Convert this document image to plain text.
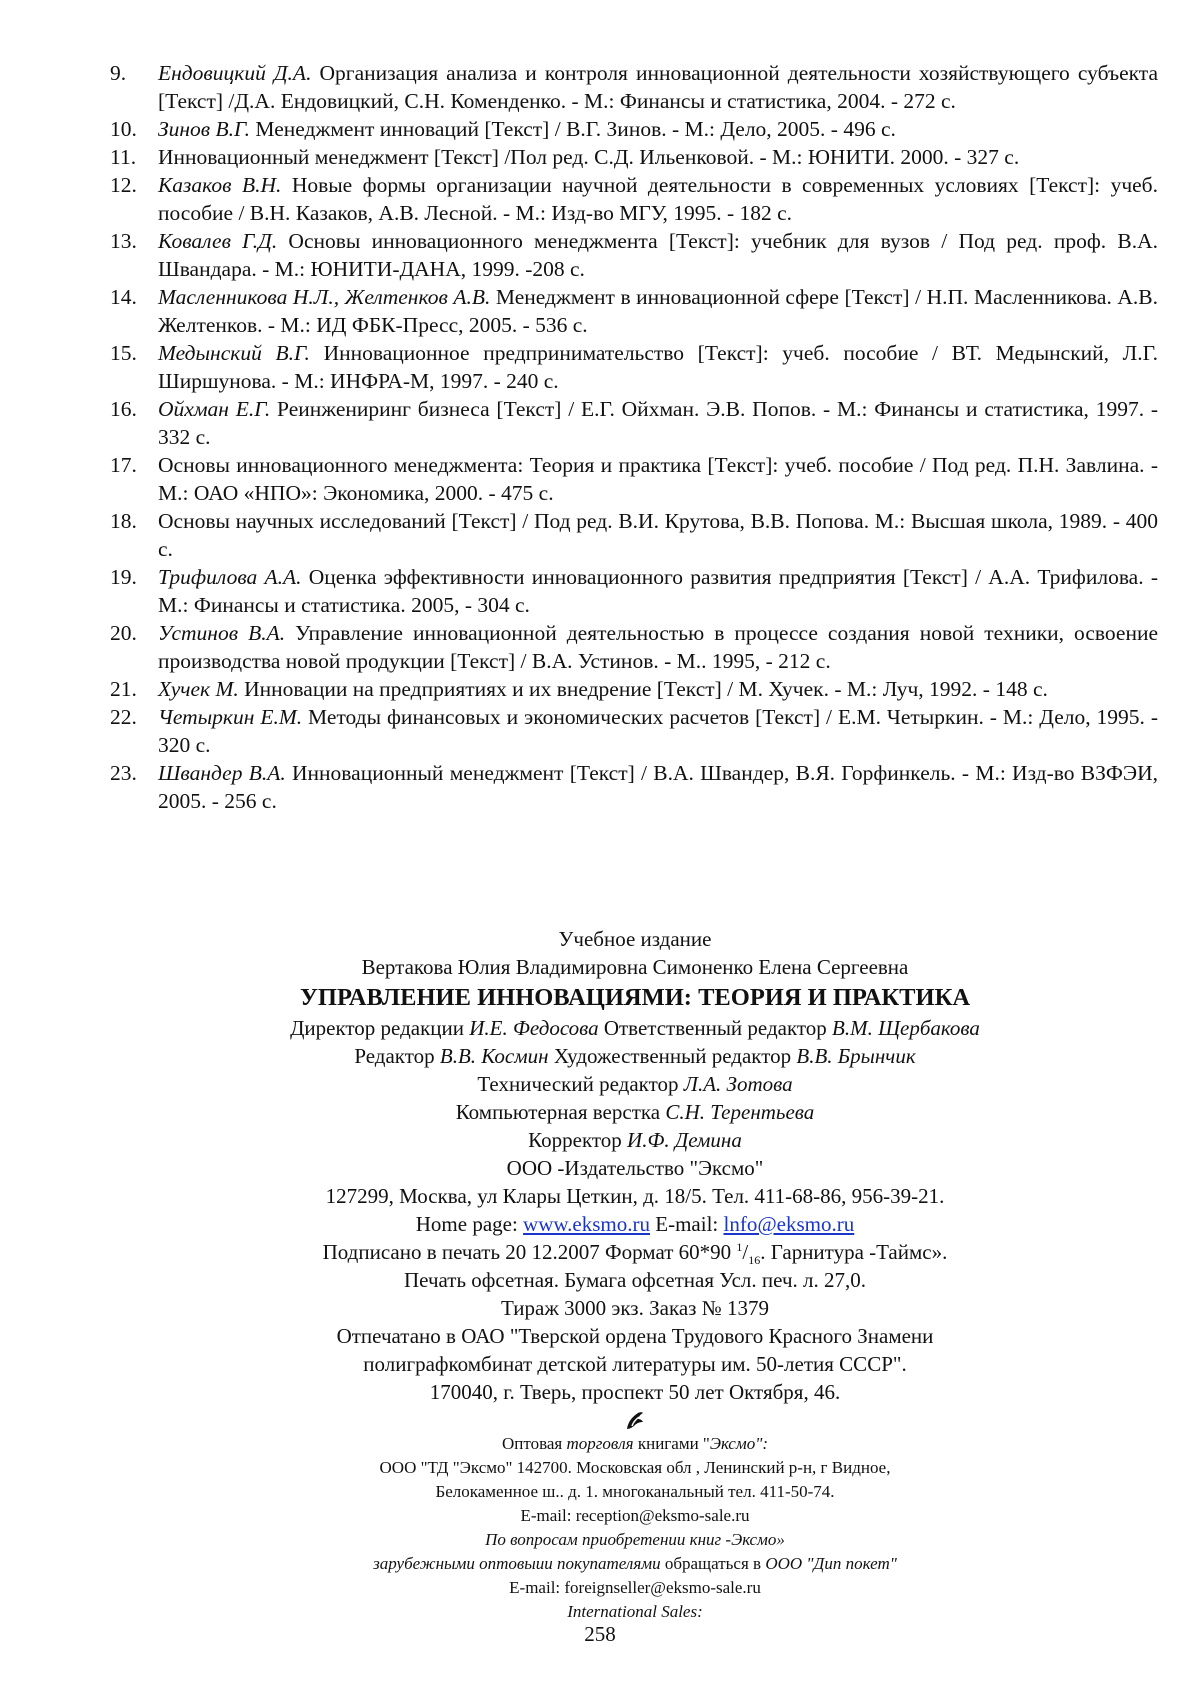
9.	Ендовицкий Д.А. Организация анализа и контроля инновационной деятельности хозяйствующего субъекта [Текст] /Д.А. Ендовицкий, С.Н. Коменденко. - М.: Финансы и статистика, 2004. - 272 с.
10. Зинов В.Г. Менеджмент инноваций [Текст] / В.Г. Зинов. - М.: Дело, 2005. - 496 с.
11.	Инновационный менеджмент [Текст] /Пол ред. С.Д. Ильенковой. - М.: ЮНИТИ. 2000. - 327 с.
12. Казаков В.Н. Новые формы организации научной деятельности в современных условиях [Текст]: учеб. пособие / В.Н. Казаков, А.В. Лесной. - М.: Изд-во МГУ, 1995. - 182 с.
13. Ковалев Г.Д. Основы инновационного менеджмента [Текст]: учебник для вузов / Под ред. проф. В.А. Швандара. - М.: ЮНИТИ-ДАНА, 1999. -208 с.
14. Масленникова Н.Л., Желтенков А.В. Менеджмент в инновационной сфере [Текст] / Н.П. Масленникова. А.В. Желтенков. - М.: ИД ФБК-Пресс, 2005. - 536 с.
15. Медынский В.Г. Инновационное предпринимательство [Текст]: учеб. пособие / ВТ. Медынский, Л.Г. Ширшунова. - М.: ИНФРА-М, 1997. - 240 с.
16. Ойхман Е.Г. Реинжениринг бизнеса [Текст] / Е.Г. Ойхман. Э.В. Попов. - М.: Финансы и статистика, 1997. - 332 с.
17. Основы инновационного менеджмента: Теория и практика [Текст]: учеб. пособие / Под ред. П.Н. Завлина. - М.: ОАО «НПО»: Экономика, 2000. - 475 с.
18. Основы научных исследований [Текст] / Под ред. В.И. Крутова, В.В. Попова. М.: Высшая школа, 1989. - 400 с.
19. Трифилова А.А. Оценка эффективности инновационного развития предприятия [Текст] / А.А. Трифилова. - М.: Финансы и статистика. 2005, - 304 с.
20. Устинов В.А. Управление инновационной деятельностью в процессе создания новой техники, освоение производства новой продукции [Текст] / В.А. Устинов. - М.. 1995, - 212 с.
21. Хучек М. Инновации на предприятиях и их внедрение [Текст] / М. Хучек. - М.: Луч, 1992. - 148 с.
22. Четыркин Е.М. Методы финансовых и экономических расчетов [Текст] / Е.М. Четыркин. - М.: Дело, 1995. - 320 с.
23. Швандер В.А. Инновационный менеджмент [Текст] / В.А. Швандер, В.Я. Горфинкель. - М.: Изд-во ВЗФЭИ, 2005. - 256 с.
Учебное издание
Вертакова Юлия Владимировна Симоненко Елена Сергеевна
УПРАВЛЕНИЕ ИННОВАЦИЯМИ: ТЕОРИЯ И ПРАКТИКА
Директор редакции И.Е. Федосова Ответственный редактор В.М. Щербакова
Редактор В.В. Космин Художественный редактор В.В. Брынчик
Технический редактор Л.А. Зотова
Компьютерная верстка С.Н. Терентьева
Корректор И.Ф. Демина
ООО -Издательство "Эксмо"
127299, Москва, ул Клары Цеткин, д. 18/5. Тел. 411-68-86, 956-39-21.
Home page: www.eksmo.ru E-mail: lnfo@eksmo.ru
Подписано в печать 20 12.2007 Формат 60*90 $^1/_{16}$. Гарнитура -Таймс».
Печать офсетная. Бумага офсетная Усл. печ. л. 27,0.
Тираж 3000 экз. Заказ № 1379
Отпечатано в ОАО "Тверской ордена Трудового Красного Знамени
полиграфкомбинат детской литературы им. 50-летия СССР".
170040, г. Тверь, проспект 50 лет Октября, 46.
Оптовая торговля книгами "Эксмо":
ООО "ТД "Эксмо" 142700. Московская обл , Ленинский р-н, г Видное,
Белокаменное ш.. д. 1. многоканальный тел. 411-50-74.
E-mail: reception@eksmo-sale.ru
По вопросам приобретении книг -Эксмо»
зарубежными оптовыии покупателями обращаться в ООО "Дип покет"
E-mail: foreignseller@eksmo-sale.ru
International Sales:
258
